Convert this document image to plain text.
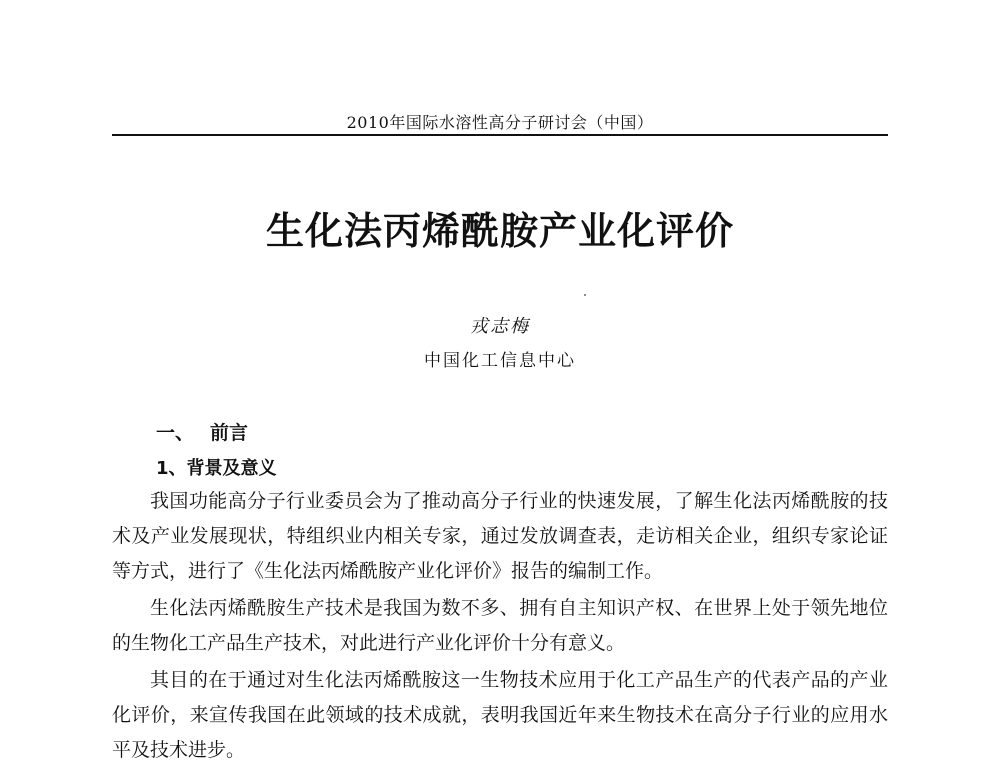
2010年国际水溶性高分子研讨会（中国）
生化法丙烯酰胺产业化评价
戎志梅
中国化工信息中心
一、 前言
1、背景及意义

我国功能高分子行业委员会为了推动高分子行业的快速发展，了解生化法丙烯酰胺的技术及产业发展现状，特组织业内相关专家，通过发放调查表，走访相关企业，组织专家论证等方式，进行了《生化法丙烯酰胺产业化评价》报告的编制工作。

生化法丙烯酰胺生产技术是我国为数不多、拥有自主知识产权、在世界上处于领先地位的生物化工产品生产技术，对此进行产业化评价十分有意义。

其目的在于通过对生化法丙烯酰胺这一生物技术应用于化工产品生产的代表产品的产业化评价，来宣传我国在此领域的技术成就，表明我国近年来生物技术在高分子行业的应用水平及技术进步。
